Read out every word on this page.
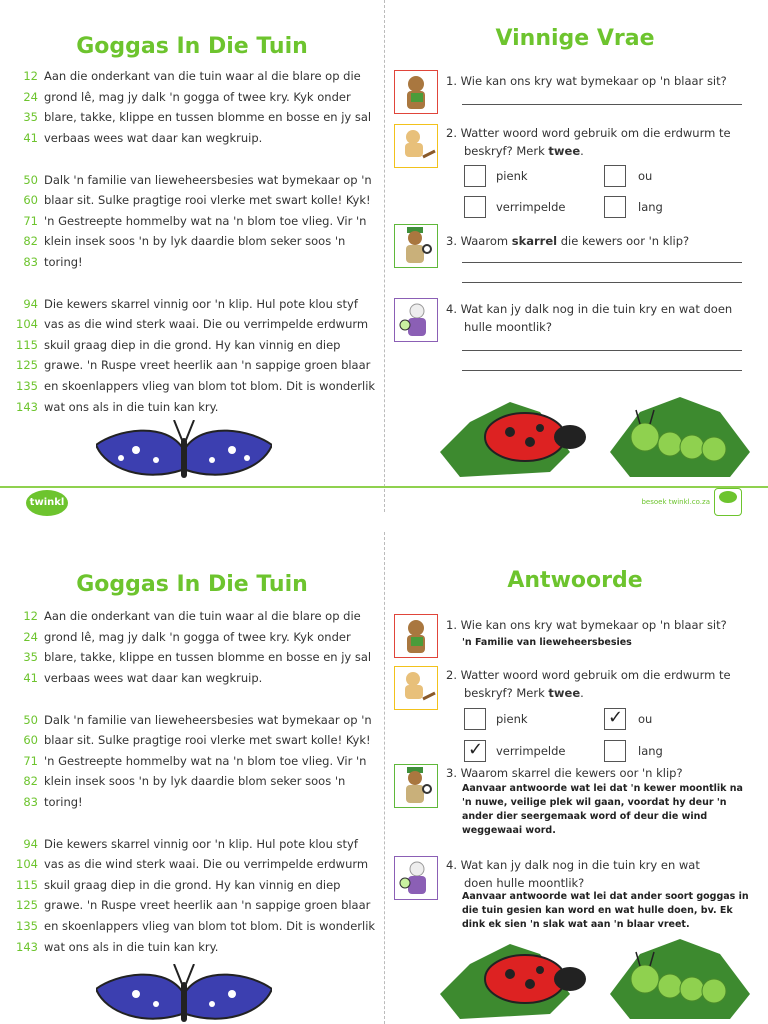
Goggas In Die Tuin
12 Aan die onderkant van die tuin waar al die blare op die
24 grond lê, mag jy dalk 'n gogga of twee kry. Kyk onder
35 blare, takke, klippe en tussen blomme en bosse en jy sal
41 verbaas wees wat daar kan wegkruip.
50 Dalk 'n familie van lieweheersbesies wat bymekaar op 'n
60 blaar sit. Sulke pragtige rooi vlerke met swart kolle! Kyk!
71 'n Gestreepte hommelby wat na 'n blom toe vlieg. Vir 'n
82 klein insek soos 'n by lyk daardie blom seker soos 'n
83 toring!
94 Die kewers skarrel vinnig oor 'n klip. Hul pote klou styf
104 vas as die wind sterk waai. Die ou verrimpelde erdwurm
115 skuil graag diep in die grond. Hy kan vinnig en diep
125 grawe. 'n Ruspe vreet heerlik aan 'n sappige groen blaar
135 en skoenlappers vlieg van blom tot blom. Dit is wonderlik
143 wat ons als in die tuin kan kry.
Vinnige Vrae
1. Wie kan ons kry wat bymekaar op 'n blaar sit?
2. Watter woord word gebruik om die erdwurm te
beskryf? Merk twee.
pienk	ou
verrimpelde	lang
3. Waarom skarrel die kewers oor 'n klip?
4. Wat kan jy dalk nog in die tuin kry en wat doen
hulle moontlik?
twinkl	besoek twinkl.co.za
Goggas In Die Tuin
12 Aan die onderkant van die tuin waar al die blare op die
24 grond lê, mag jy dalk 'n gogga of twee kry. Kyk onder
35 blare, takke, klippe en tussen blomme en bosse en jy sal
41 verbaas wees wat daar kan wegkruip.
50 Dalk 'n familie van lieweheersbesies wat bymekaar op 'n
60 blaar sit. Sulke pragtige rooi vlerke met swart kolle! Kyk!
71 'n Gestreepte hommelby wat na 'n blom toe vlieg. Vir 'n
82 klein insek soos 'n by lyk daardie blom seker soos 'n
83 toring!
94 Die kewers skarrel vinnig oor 'n klip. Hul pote klou styf
104 vas as die wind sterk waai. Die ou verrimpelde erdwurm
115 skuil graag diep in die grond. Hy kan vinnig en diep
125 grawe. 'n Ruspe vreet heerlik aan 'n sappige groen blaar
135 en skoenlappers vlieg van blom tot blom. Dit is wonderlik
143 wat ons als in die tuin kan kry.
Antwoorde
1. Wie kan ons kry wat bymekaar op 'n blaar sit?
'n Familie van lieweheersbesies
2. Watter woord word gebruik om die erdwurm te
beskryf? Merk twee.
pienk	✓ ou
✓ verrimpelde	lang
3. Waarom skarrel die kewers oor 'n klip?
Aanvaar antwoorde wat lei dat 'n kewer moontlik na 'n nuwe, veilige plek wil gaan, voordat hy deur 'n ander dier seergemaak word of deur die wind weggewaai word.
4. Wat kan jy dalk nog in die tuin kry en wat
doen hulle moontlik?
Aanvaar antwoorde wat lei dat ander soort goggas in die tuin gesien kan word en wat hulle doen, bv. Ek dink ek sien 'n slak wat aan 'n blaar vreet.
